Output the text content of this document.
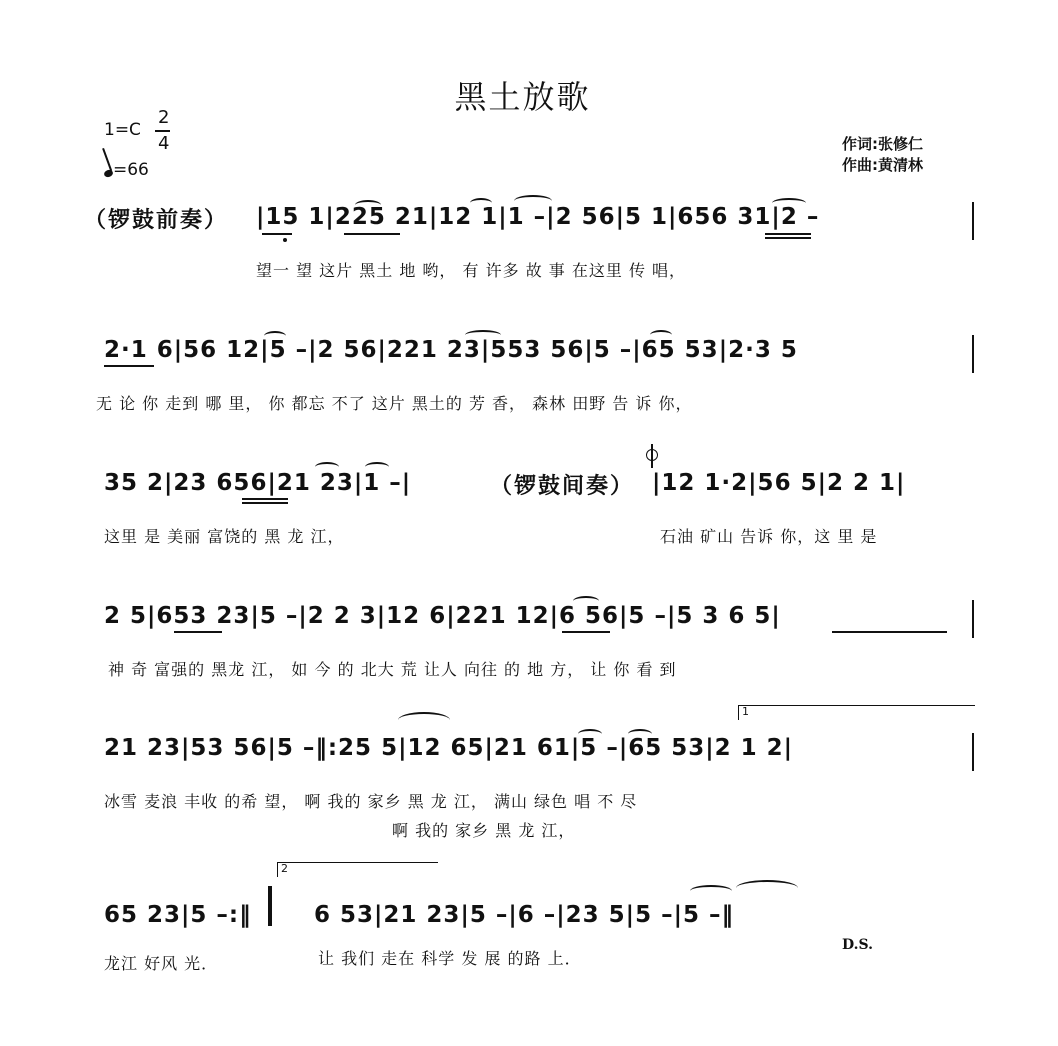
黑土放歌
1=C
2
4
=66
作词:张修仁
作曲:黄清林
（锣鼓前奏） |15 1|225 21|12 1|1 –|2 56|5 1|656 31|2 –
望一 望 这片 黑土 地 哟， 有 许多 故 事 在这里 传 唱，
2·1 6|56 12|5 –|2 56|221 23|553 56|5 –|65 53|2·3 5
无 论 你 走到 哪 里， 你 都忘 不了 这片 黑土的 芳 香， 森林 田野 告 诉 你，
35 2|23 656|21 23|1 –|	（锣鼓间奏） |12 1·2|56 5|2 2 1|
这里 是 美丽 富饶的 黑 龙 江，	石油 矿山 告诉 你，这 里 是
2 5|653 23|5 –|2 2 3|12 6|221 12|6 56|5 –|5 3 6 5|
神 奇 富强的 黑龙 江， 如 今 的 北大 荒 让人 向往 的 地 方， 让 你 看 到
21 23|53 56|5 –‖:25 5|12 65|21 61|5 –|65 53|2 1 2|
1
冰雪 麦浪 丰收 的希 望， 啊 我的 家乡 黑 龙 江， 满山 绿色 唱 不 尽
啊 我的 家乡 黑 龙 江，
65 23|5 –:‖
2
6 53|21 23|5 –|6 –|23 5|5 –|5 –‖
龙江 好风 光．	让 我们 走在 科学 发 展 的路 上．
D.S.
